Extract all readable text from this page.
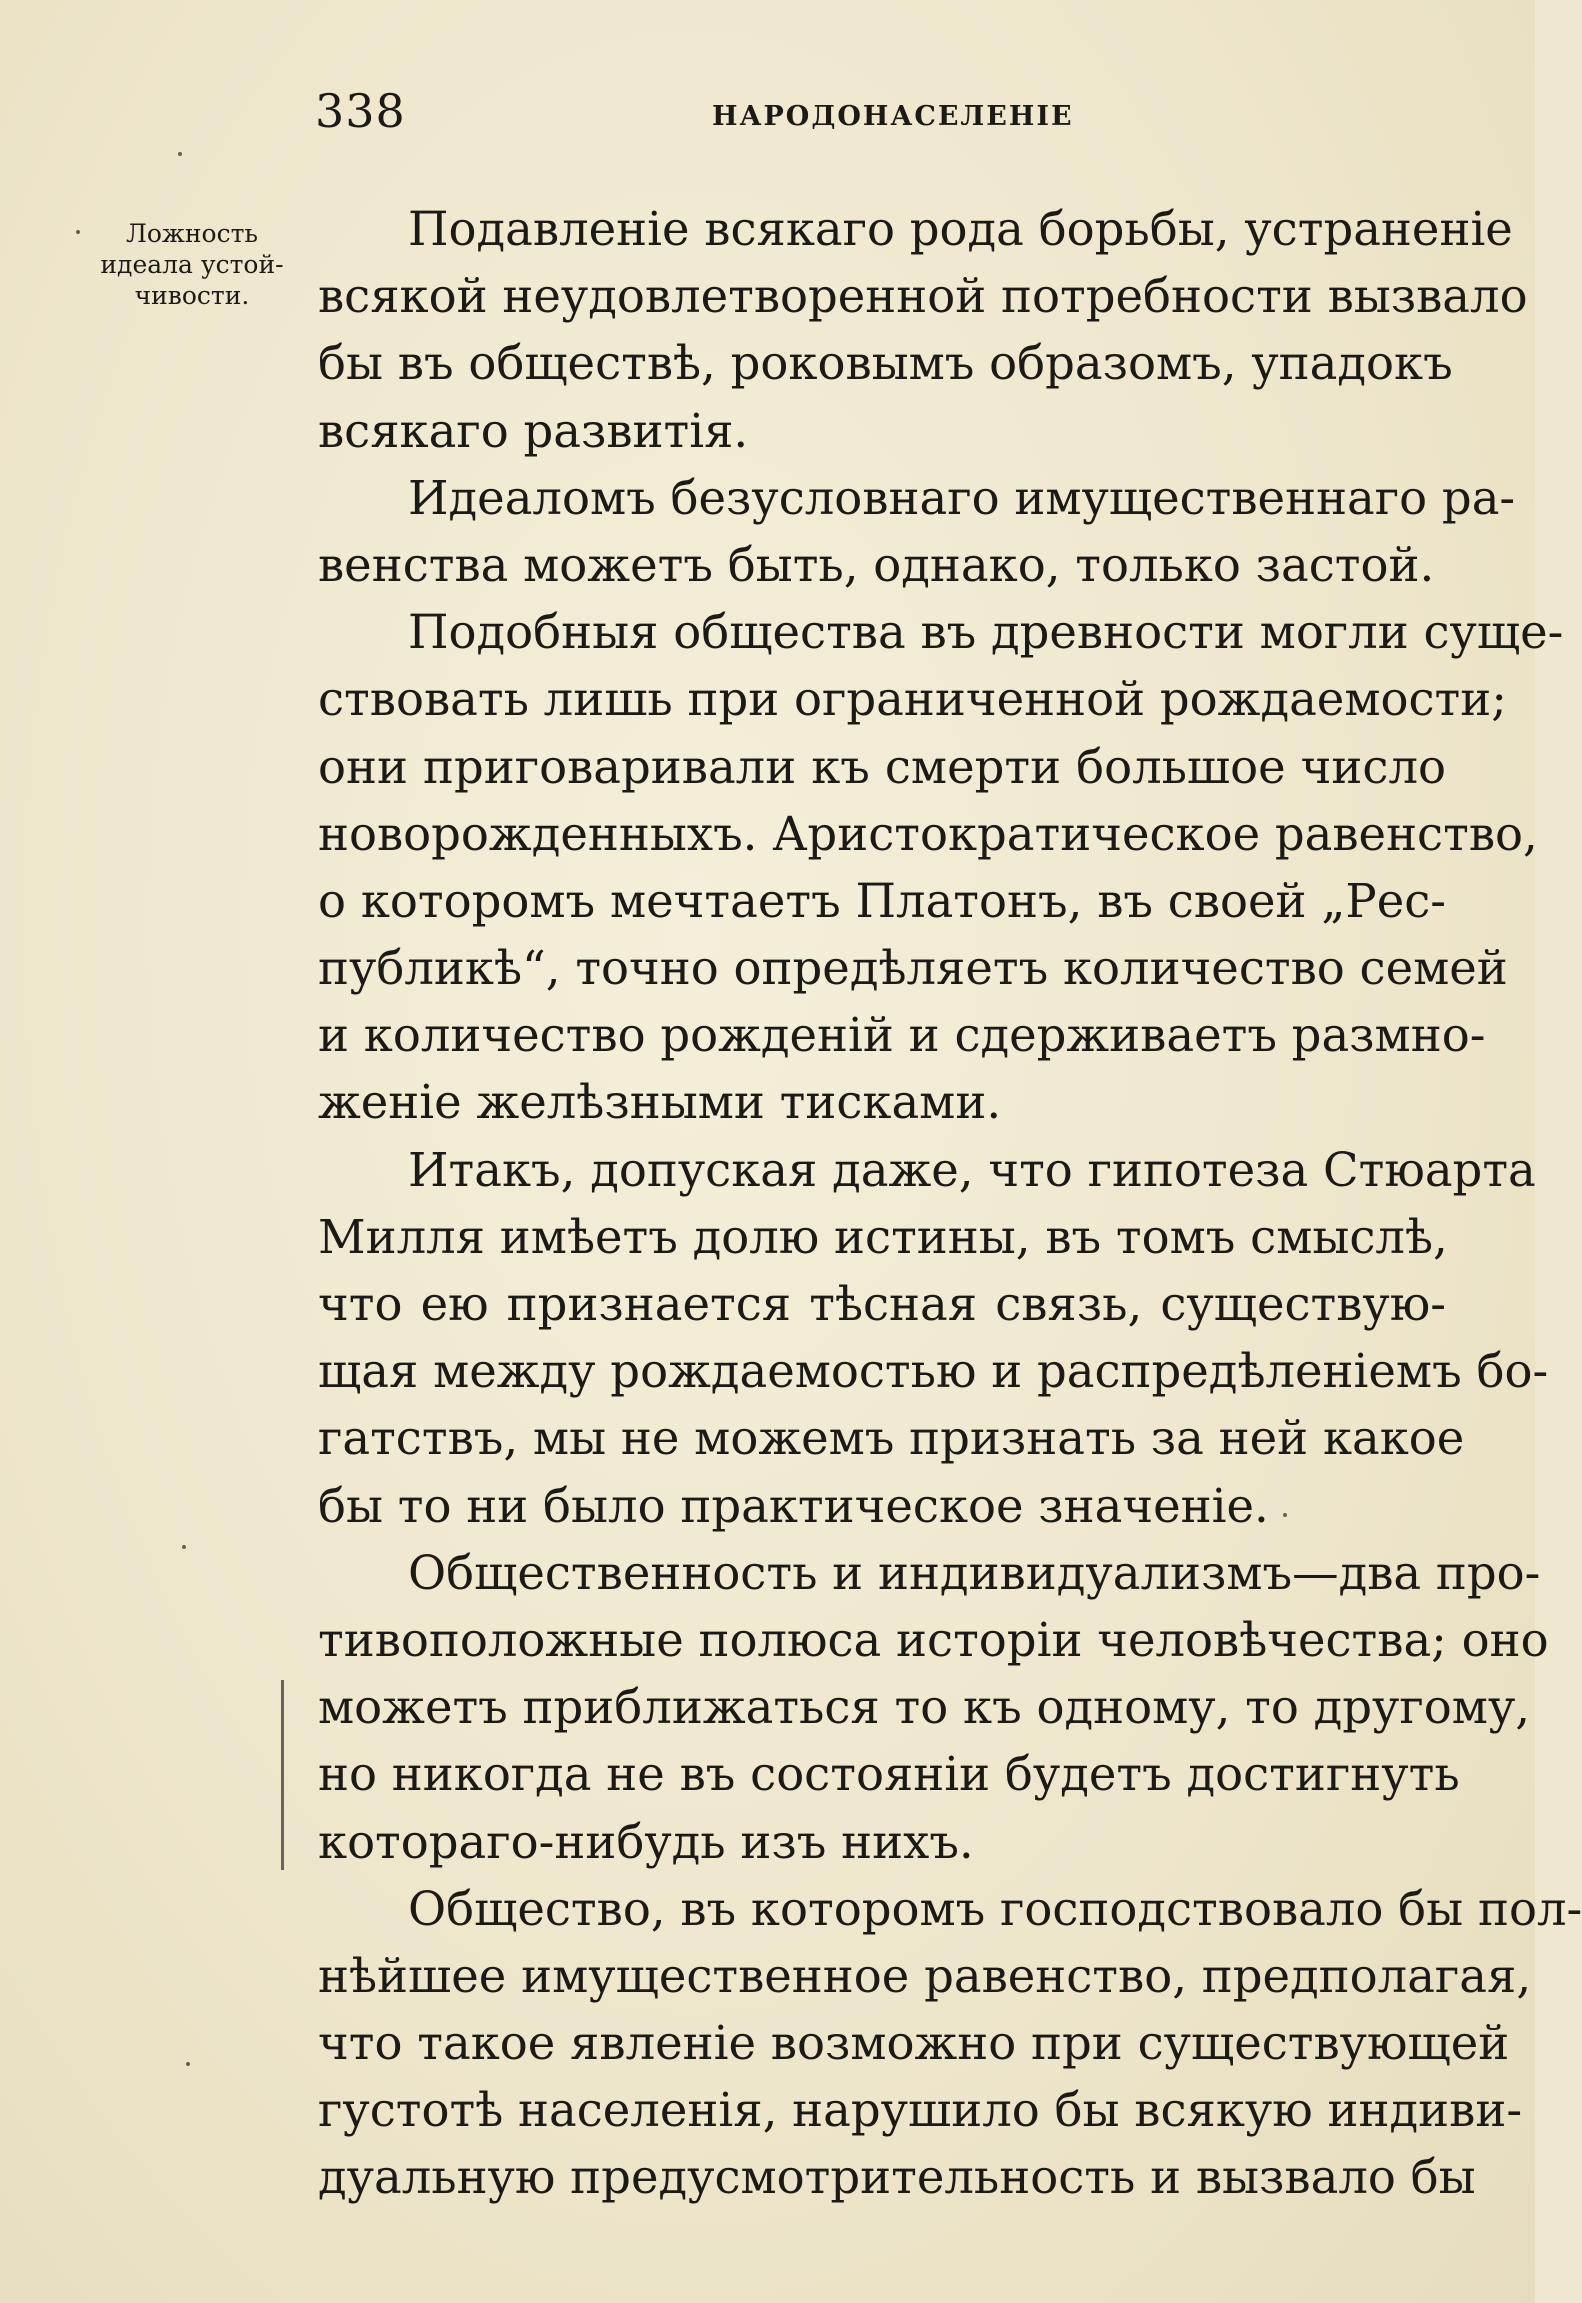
338	НАРОДОНАСЕЛЕНІЕ
Ложность
идеала устой-
чивости.
Подавленіе всякаго рода борьбы, устраненіе
всякой неудовлетворенной потребности вызвало
бы въ обществѣ, роковымъ образомъ, упадокъ
всякаго развитія.
Идеаломъ безусловнаго имущественнаго ра-
венства можетъ быть, однако, только застой.
Подобныя общества въ древности могли суще-
ствовать лишь при ограниченной рождаемости;
они приговаривали къ смерти большое число
новорожденныхъ. Аристократическое равенство,
о которомъ мечтаетъ Платонъ, въ своей „Рес-
публикѣ“, точно опредѣляетъ количество семей
и количество рожденій и сдерживаетъ размно-
женіе желѣзными тисками.
Итакъ, допуская даже, что гипотеза Стюарта
Милля имѣетъ долю истины, въ томъ смыслѣ,
что ею признается тѣсная связь, существую-
щая между рождаемостью и распредѣленіемъ бо-
гатствъ, мы не можемъ признать за ней какое
бы то ни было практическое значеніе.
Общественность и индивидуализмъ—два про-
тивоположные полюса исторіи человѣчества; оно
можетъ приближаться то къ одному, то другому,
но никогда не въ состояніи будетъ достигнуть
котораго-нибудь изъ нихъ.
Общество, въ которомъ господствовало бы пол-
нѣйшее имущественное равенство, предполагая,
что такое явленіе возможно при существующей
густотѣ населенія, нарушило бы всякую индиви-
дуальную предусмотрительность и вызвало бы
